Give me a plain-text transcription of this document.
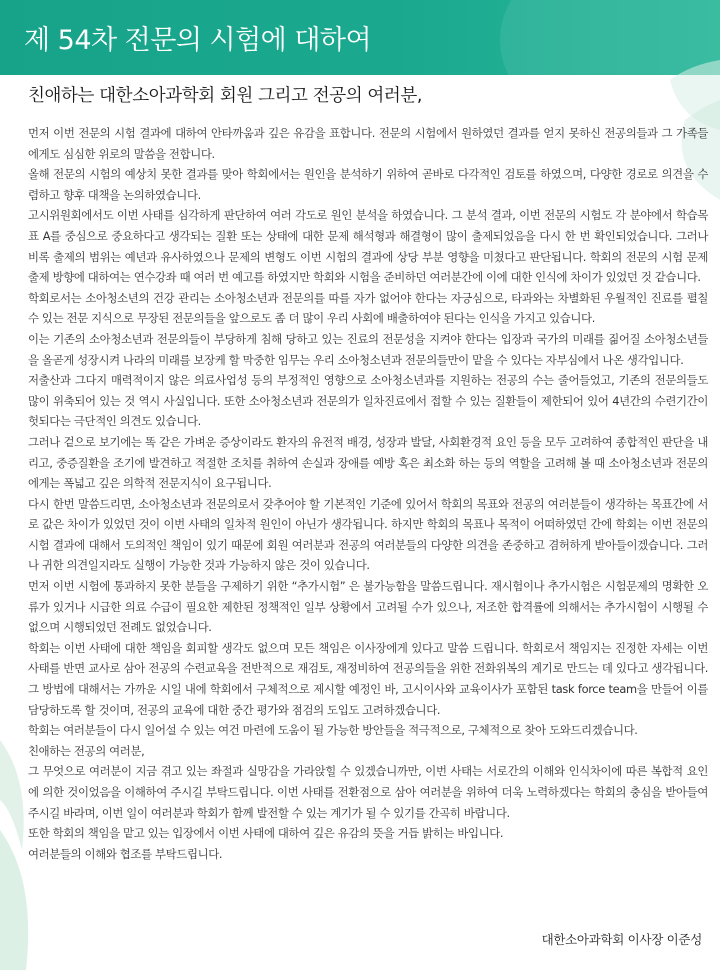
제 54차 전문의 시험에 대하여
친애하는 대한소아과학회 회원 그리고 전공의 여러분,

먼저 이번 전문의 시험 결과에 대하여 안타까움과 깊은 유감을 표합니다. 전문의 시험에서 원하였던 결과를 얻지 못하신 전공의들과 그 가족들에게도 심심한 위로의 말씀을 전합니다.

올해 전문의 시험의 예상치 못한 결과를 맞아 학회에서는 원인을 분석하기 위하여 곧바로 다각적인 검토를 하였으며, 다양한 경로로 의견을 수렴하고 향후 대책을 논의하였습니다.

고시위원회에서도 이번 사태를 심각하게 판단하여 여러 각도로 원인 분석을 하였습니다. 그 분석 결과, 이번 전문의 시험도 각 분야에서 학습목표 A를 중심으로 중요하다고 생각되는 질환 또는 상태에 대한 문제 해석형과 해결형이 많이 출제되었음을 다시 한 번 확인되었습니다. 그러나 비록 출제의 범위는 예년과 유사하였으나 문제의 변형도 이번 시험의 결과에 상당 부분 영향을 미쳤다고 판단됩니다. 학회의 전문의 시험 문제 출제 방향에 대하여는 연수강좌 때 여러 번 예고를 하였지만 학회와 시험을 준비하던 여러분간에 이에 대한 인식에 차이가 있었던 것 같습니다.

학회로서는 소아청소년의 건강 관리는 소아청소년과 전문의를 따를 자가 없어야 한다는 자긍심으로, 타과와는 차별화된 우월적인 진료를 펼칠 수 있는 전문 지식으로 무장된 전문의들을 앞으로도 좀 더 많이 우리 사회에 배출하여야 된다는 인식을 가지고 있습니다.

이는 기존의 소아청소년과 전문의들이 부당하게 침해 당하고 있는 진료의 전문성을 지켜야 한다는 입장과 국가의 미래를 짊어질 소아청소년들을 올곧게 성장시켜 나라의 미래를 보장케 할 막중한 임무는 우리 소아청소년과 전문의들만이 맡을 수 있다는 자부심에서 나온 생각입니다.

저출산과 그다지 매력적이지 않은 의료사업성 등의 부정적인 영향으로 소아청소년과를 지원하는 전공의 수는 줄어들었고, 기존의 전문의들도 많이 위축되어 있는 것 역시 사실입니다. 또한 소아청소년과 전문의가 일차진료에서 접할 수 있는 질환들이 제한되어 있어 4년간의 수련기간이 헛되다는 극단적인 의견도 있습니다.

그러나 겉으로 보기에는 똑 같은 가벼운 증상이라도 환자의 유전적 배경, 성장과 발달, 사회환경적 요인 등을 모두 고려하여 종합적인 판단을 내리고, 중증질환을 조기에 발견하고 적절한 조치를 취하여 손실과 장애를 예방 혹은 최소화 하는 등의 역할을 고려해 볼 때 소아청소년과 전문의에게는 폭넓고 깊은 의학적 전문지식이 요구됩니다.

다시 한번 말씀드리면, 소아청소년과 전문의로서 갖추어야 할 기본적인 기준에 있어서 학회의 목표와 전공의 여러분들이 생각하는 목표간에 서로 값은 차이가 있었던 것이 이번 사태의 일차적 원인이 아닌가 생각됩니다. 하지만 학회의 목표나 목적이 어떠하였던 간에 학회는 이번 전문의 시험 결과에 대해서 도의적인 책임이 있기 때문에 회원 여러분과 전공의 여러분들의 다양한 의견을 존중하고 겸허하게 받아들이겠습니다. 그러나 귀한 의견일지라도 실행이 가능한 것과 가능하지 않은 것이 있습니다.

먼저 이번 시험에 통과하지 못한 분들을 구제하기 위한 “추가시험” 은 불가능함을 말씀드립니다. 재시험이나 추가시험은 시험문제의 명확한 오류가 있거나 시급한 의료 수급이 필요한 제한된 정책적인 일부 상황에서 고려될 수가 있으나, 저조한 합격률에 의해서는 추가시험이 시행될 수 없으며 시행되었던 전례도 없었습니다.

학회는 이번 사태에 대한 책임을 회피할 생각도 없으며 모든 책임은 이사장에게 있다고 말씀 드립니다. 학회로서 책임지는 진정한 자세는 이번 사태를 반면 교사로 삼아 전공의 수련교육을 전반적으로 재검토, 재정비하여 전공의들을 위한 전화위복의 계기로 만드는 데 있다고 생각됩니다. 그 방법에 대해서는 가까운 시일 내에 학회에서 구체적으로 제시할 예정인 바, 고시이사와 교육이사가 포함된 task force team을 만들어 이를 담당하도록 할 것이며, 전공의 교육에 대한 중간 평가와 점검의 도입도 고려하겠습니다.

학회는 여러분들이 다시 일어설 수 있는 여건 마련에 도움이 될 가능한 방안들을 적극적으로, 구체적으로 찾아 도와드리겠습니다.

친애하는 전공의 여러분,

그 무엇으로 여러분이 지금 겪고 있는 좌절과 실망감을 가라앉힐 수 있겠습니까만, 이번 사태는 서로간의 이해와 인식차이에 따른 복합적 요인에 의한 것이었음을 이해하여 주시길 부탁드립니다. 이번 사태를 전환점으로 삼아 여러분을 위하여 더욱 노력하겠다는 학회의 충심을 받아들여 주시길 바라며, 이번 일이 여러분과 학회가 함께 발전할 수 있는 계기가 될 수 있기를 간곡히 바랍니다.

또한 학회의 책임을 맡고 있는 입장에서 이번 사태에 대하여 깊은 유감의 뜻을 거듭 밝히는 바입니다.

여러분들의 이해와 협조를 부탁드립니다.

대한소아과학회 이사장 이준성
